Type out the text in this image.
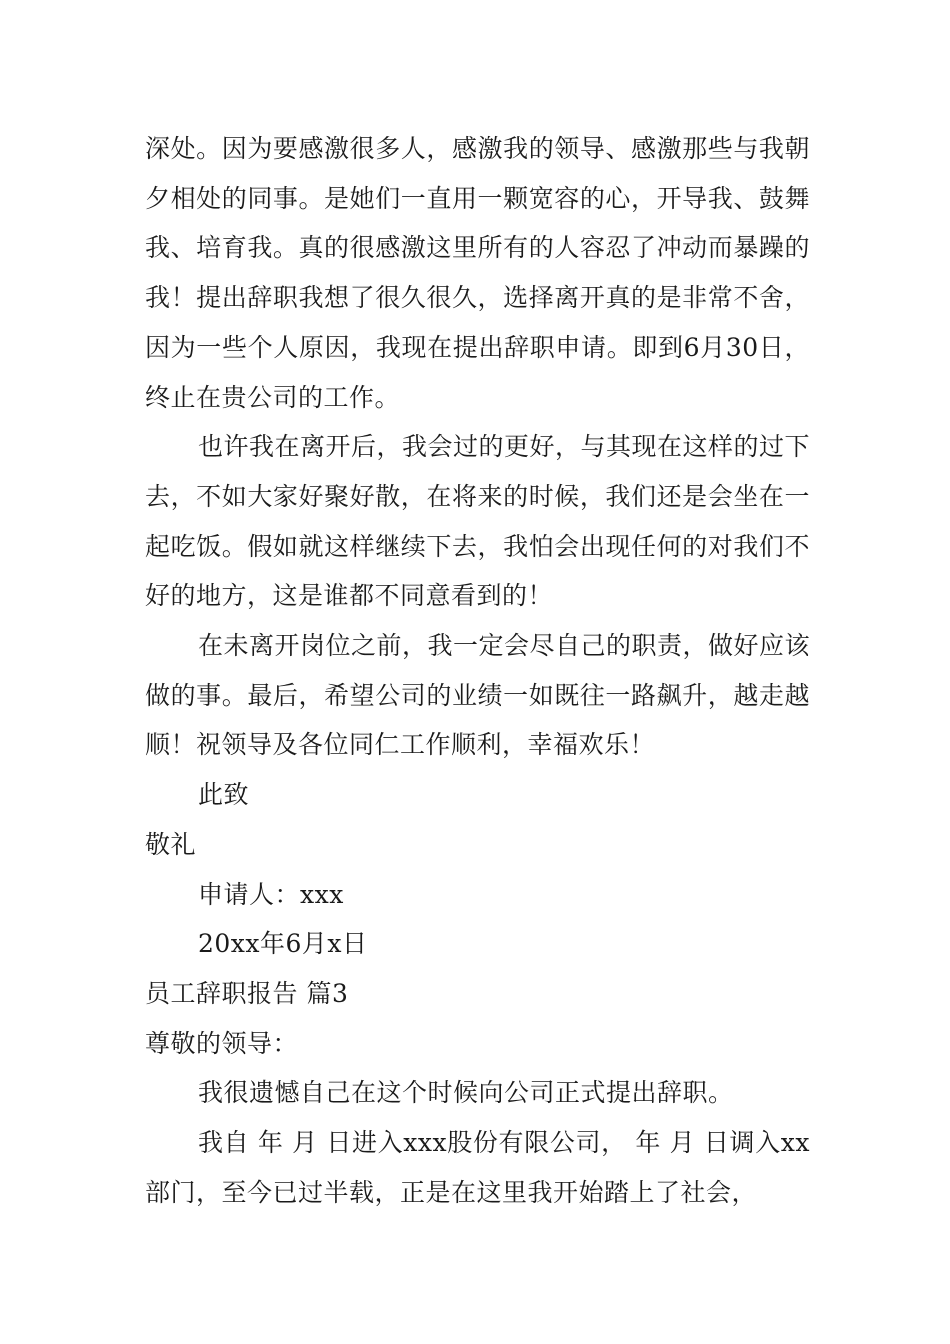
深处。因为要感激很多人，感激我的领导、感激那些与我朝夕相处的同事。是她们一直用一颗宽容的心，开导我、鼓舞我、培育我。真的很感激这里所有的人容忍了冲动而暴躁的我！提出辞职我想了很久很久，选择离开真的是非常不舍，因为一些个人原因，我现在提出辞职申请。即到6月30日，终止在贵公司的工作。

也许我在离开后，我会过的更好，与其现在这样的过下去，不如大家好聚好散，在将来的时候，我们还是会坐在一起吃饭。假如就这样继续下去，我怕会出现任何的对我们不好的地方，这是谁都不同意看到的！

在未离开岗位之前，我一定会尽自己的职责，做好应该做的事。最后，希望公司的业绩一如既往一路飙升，越走越顺！祝领导及各位同仁工作顺利，幸福欢乐！

此致

敬礼

申请人：xxx

20xx年6月x日

员工辞职报告 篇3

尊敬的领导：

我很遗憾自己在这个时候向公司正式提出辞职。

我自 年 月 日进入xxx股份有限公司， 年 月 日调入xx部门，至今已过半载，正是在这里我开始踏上了社会，
